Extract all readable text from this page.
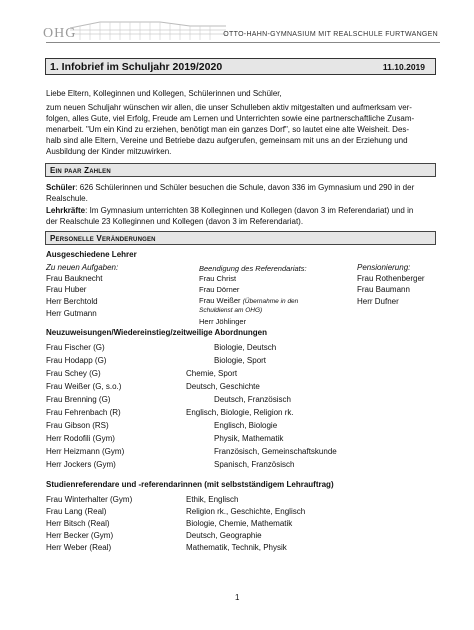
OHG	OTTO-HAHN-GYMNASIUM MIT REALSCHULE FURTWANGEN
1. Infobrief im Schuljahr 2019/2020	11.10.2019
Liebe Eltern, Kolleginnen und Kollegen, Schülerinnen und Schüler,
zum neuen Schuljahr wünschen wir allen, die unser Schulleben aktiv mitgestalten und aufmerksam ver-
folgen, alles Gute, viel Erfolg, Freude am Lernen und Unterrichten sowie eine partnerschaftliche Zusam-
menarbeit. "Um ein Kind zu erziehen, benötigt man ein ganzes Dorf", so lautet eine alte Weisheit. Des-
halb sind alle Eltern, Vereine und Betriebe dazu aufgerufen, gemeinsam mit uns an der Erziehung und
Ausbildung der Kinder mitzuwirken.
Ein paar Zahlen
Schüler: 626 Schülerinnen und Schüler besuchen die Schule, davon 336 im Gymnasium und 290 in der
Realschule.
Lehrkräfte: Im Gymnasium unterrichten 38 Kolleginnen und Kollegen (davon 3 im Referendariat) und in
der Realschule 23 Kolleginnen und Kollegen (davon 3 im Referendariat).
Personelle Veränderungen
Ausgeschiedene Lehrer
Zu neuen Aufgaben:
Frau Bauknecht
Frau Huber
Herr Berchtold
Herr Gutmann
Beendigung des Referendariats:
Frau Christ
Frau Dörner
Frau Weißer (Übernahme in den
Schuldienst am OHG)
Herr Jöhlinger
Pensionierung:
Frau Rothenberger
Frau Baumann
Herr Dufner
Neuzuweisungen/Wiedereinstieg/zeitweilige Abordnungen
Frau Fischer (G)	Biologie, Deutsch
Frau Hodapp (G)	Biologie, Sport
Frau Schey (G)	Chemie, Sport
Frau Weißer (G, s.o.)	Deutsch, Geschichte
Frau Brenning (G)	Deutsch, Französisch
Frau Fehrenbach (R)	Englisch, Biologie, Religion rk.
Frau Gibson (RS)	Englisch, Biologie
Herr Rodofili (Gym)	Physik, Mathematik
Herr Heizmann (Gym)	Französisch, Gemeinschaftskunde
Herr Jockers (Gym)	Spanisch, Französisch
Studienreferendare und -referendarinnen (mit selbstständigem Lehrauftrag)
Frau Winterhalter (Gym)	Ethik, Englisch
Frau Lang (Real)	Religion rk., Geschichte, Englisch
Herr Bitsch (Real)	Biologie, Chemie, Mathematik
Herr Becker (Gym)	Deutsch, Geographie
Herr Weber (Real)	Mathematik, Technik, Physik
1
